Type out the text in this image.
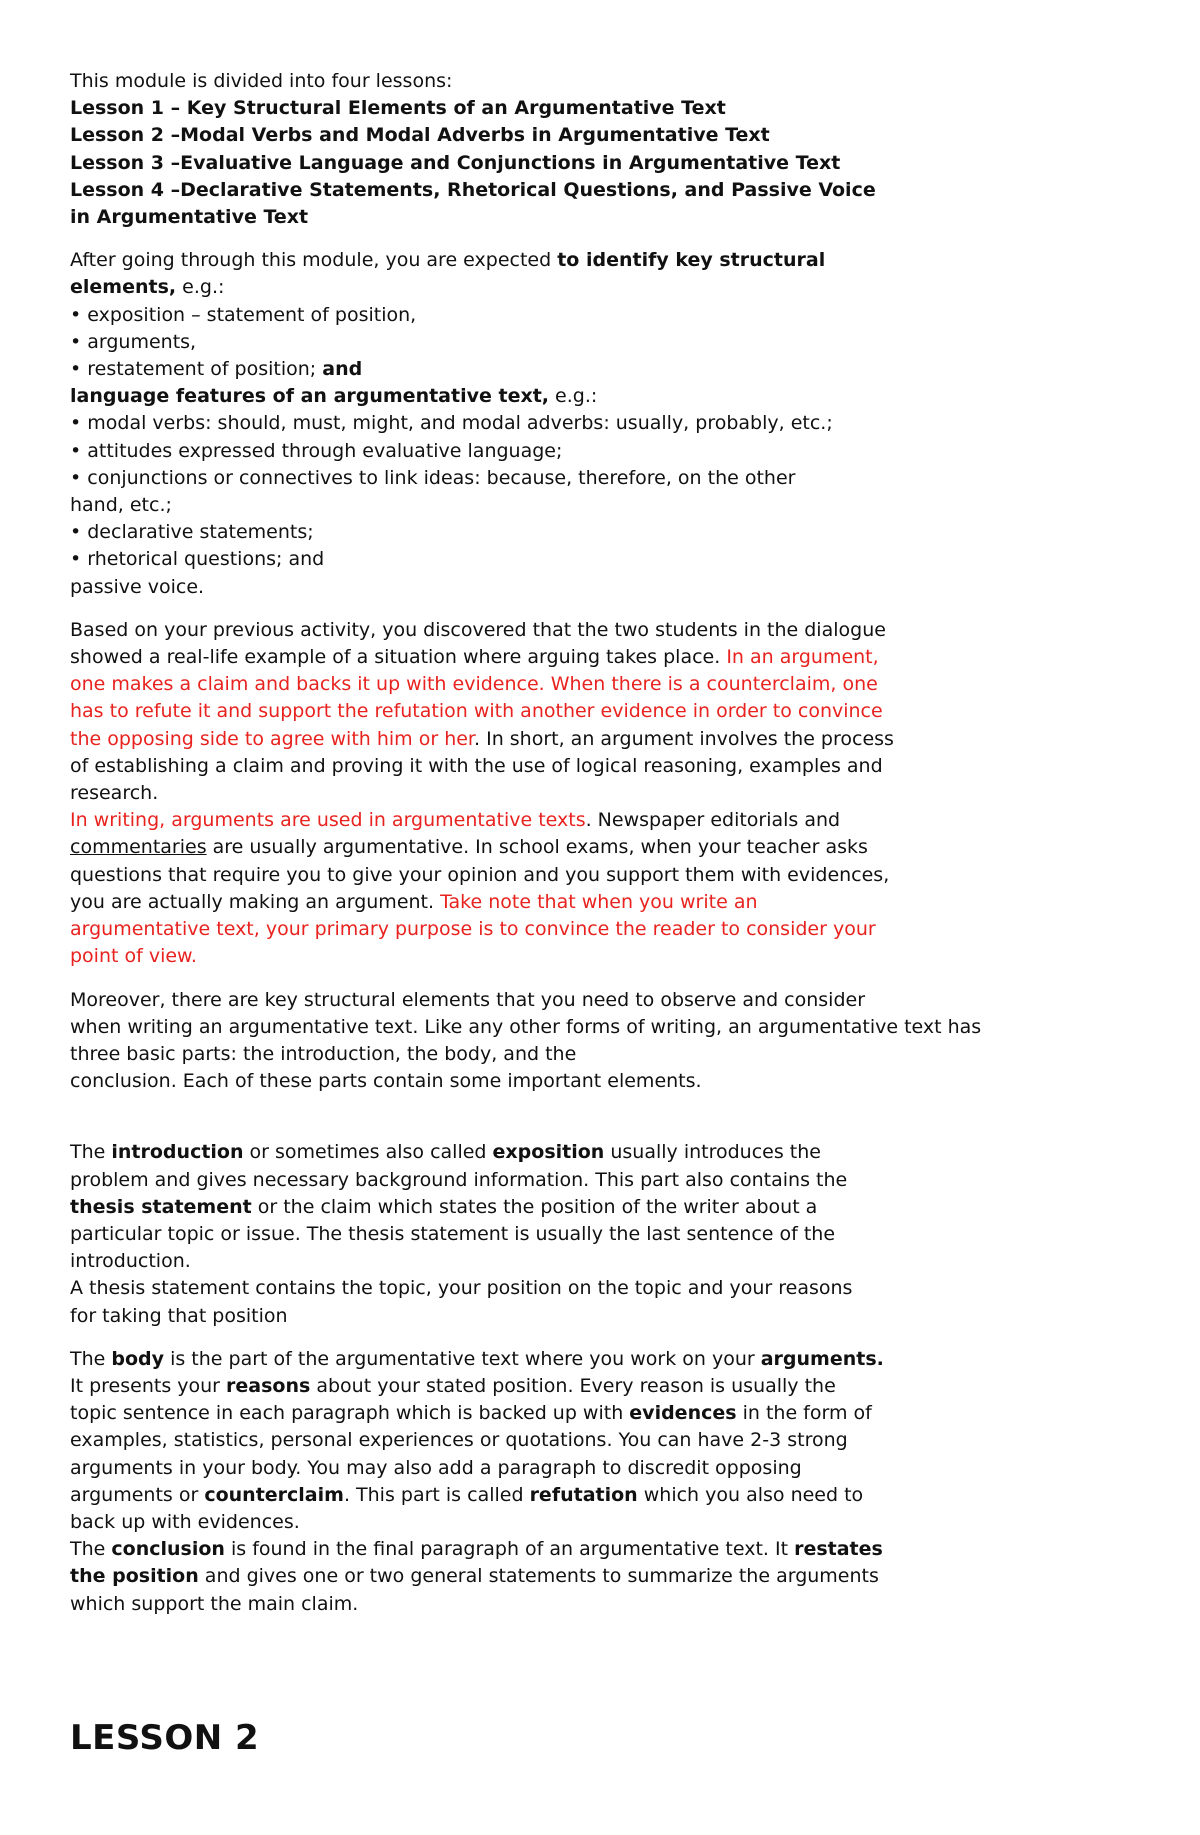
This module is divided into four lessons:
Lesson 1 – Key Structural Elements of an Argumentative Text
Lesson 2 –Modal Verbs and Modal Adverbs in Argumentative Text
Lesson 3 –Evaluative Language and Conjunctions in Argumentative Text
Lesson 4 –Declarative Statements, Rhetorical Questions, and Passive Voice
in Argumentative Text
After going through this module, you are expected to identify key structural
elements, e.g.:
• exposition – statement of position,
• arguments,
• restatement of position; and
language features of an argumentative text, e.g.:
• modal verbs: should, must, might, and modal adverbs: usually, probably, etc.;
• attitudes expressed through evaluative language;
• conjunctions or connectives to link ideas: because, therefore, on the other
hand, etc.;
• declarative statements;
• rhetorical questions; and
passive voice.
Based on your previous activity, you discovered that the two students in the dialogue
showed a real-life example of a situation where arguing takes place. In an argument,
one makes a claim and backs it up with evidence. When there is a counterclaim, one
has to refute it and support the refutation with another evidence in order to convince
the opposing side to agree with him or her. In short, an argument involves the process
of establishing a claim and proving it with the use of logical reasoning, examples and
research.
In writing, arguments are used in argumentative texts. Newspaper editorials and
commentaries are usually argumentative. In school exams, when your teacher asks
questions that require you to give your opinion and you support them with evidences,
you are actually making an argument. Take note that when you write an
argumentative text, your primary purpose is to convince the reader to consider your
point of view.
Moreover, there are key structural elements that you need to observe and consider
when writing an argumentative text. Like any other forms of writing, an argumentative text has
three basic parts: the introduction, the body, and the
conclusion. Each of these parts contain some important elements.
The introduction or sometimes also called exposition usually introduces the
problem and gives necessary background information. This part also contains the
thesis statement or the claim which states the position of the writer about a
particular topic or issue. The thesis statement is usually the last sentence of the
introduction.
A thesis statement contains the topic, your position on the topic and your reasons
for taking that position
The body is the part of the argumentative text where you work on your arguments.
It presents your reasons about your stated position. Every reason is usually the
topic sentence in each paragraph which is backed up with evidences in the form of
examples, statistics, personal experiences or quotations. You can have 2-3 strong
arguments in your body. You may also add a paragraph to discredit opposing
arguments or counterclaim. This part is called refutation which you also need to
back up with evidences.
The conclusion is found in the final paragraph of an argumentative text. It restates
the position and gives one or two general statements to summarize the arguments
which support the main claim.
LESSON 2
